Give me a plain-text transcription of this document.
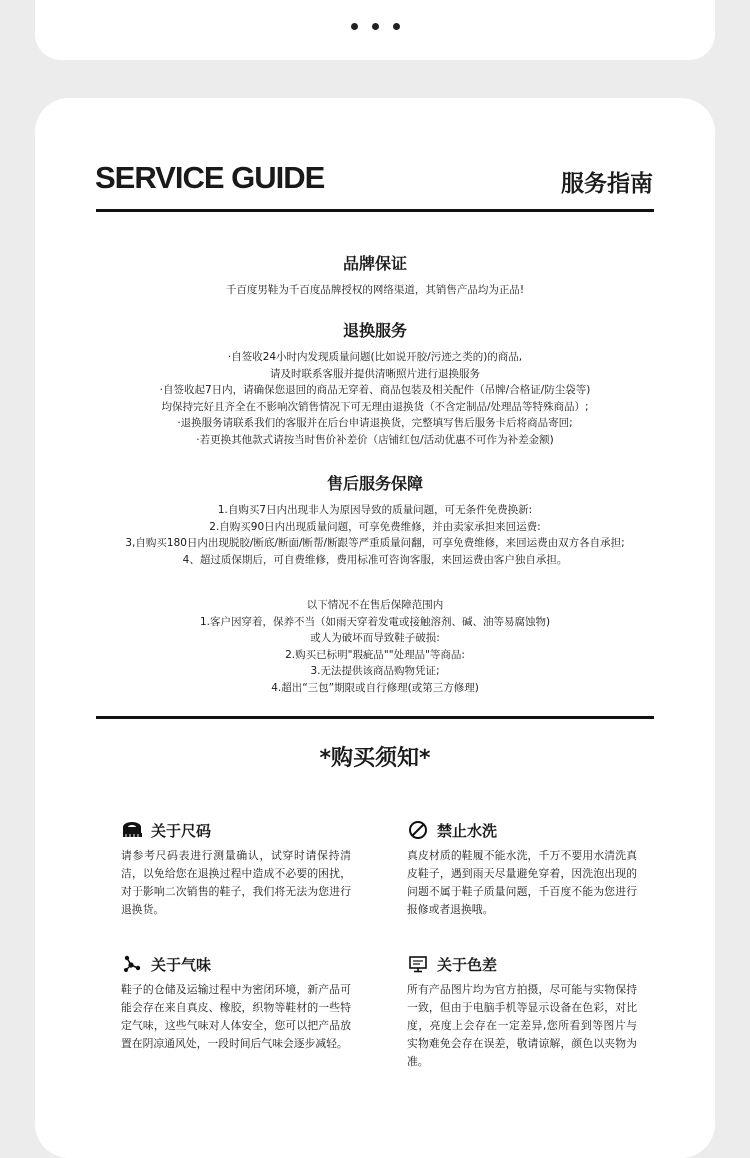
SERVICE GUIDE	服务指南
品牌保证

千百度男鞋为千百度品牌授权的网络渠道，其销售产品均为正品!

退换服务

·自签收24小时内发现质量问题(比如说开胶/污迹之类的)的商品,

请及时联系客服并提供清晰照片进行退换服务

·自签收起7日内，请确保您退回的商品无穿着、商品包装及相关配件（吊牌/合格证/防尘袋等)

均保持完好且齐全在不影响次销售情况下可无理由退换货（不含定制品/处理品等特殊商品）;

·退换服务请联系我们的客服并在后台申请退换货，完整填写售后服务卡后将商品寄回;

·若更换其他款式请按当时售价补差价（店铺红包/活动优惠不可作为补差金额)

售后服务保障

1.自购买7日内出现非人为原因导致的质量问题，可无条件免费换新:

2.自购买90日内出现质量问题，可享免费维修，并由卖家承担来回运费:

3,自购买180日内出现脱胶/断底/断面/断帮/断跟等严重质量问翻，可享免费维修，来回运费由双方各自承担;

4、超过质保期后，可自费维修，费用标准可咨询客服，来回运费由客户独自承担。

以下情况不在售后保障范围内

1.客户因穿着，保养不当（如雨天穿着发電或接触溶剂、碱、油等易腐蚀物)

或人为破坏而导致鞋子破损:

2.购买已标明"瑕疵品""处理品"等商品:

3.无法提供该商品购物凭证;

4.超出“三包”期限或自行修理(或第三方修理)

*购买须知*
关于尺码

请参考尺码表进行测量确认，试穿时请保持清洁，以免给您在退换过程中造成不必要的困扰，对于影响二次销售的鞋子，我们将无法为您进行退换货。

禁止水洗

真皮材质的鞋履不能水洗，千万不要用水清洗真皮鞋子，遇到雨天尽量避免穿着，因洗泡出现的问题不属于鞋子质量问题，千百度不能为您进行报修或者退换哦。

关于气味

鞋子的仓储及运输过程中为密闭环境，新产品可能会存在来自真皮、橡胶，织物等鞋材的一些特定气味，这些气味对人体安全，您可以把产品放置在阴凉通风处，一段时间后气味会逐步减轻。

关于色差

所有产品图片均为官方拍摄，尽可能与实物保持一致，但由于电脑手机等显示设备在色彩，对比度，亮度上会存在一定差异,您所看到等图片与实物难免会存在误差，敬请谅解，颜色以夹物为准。
